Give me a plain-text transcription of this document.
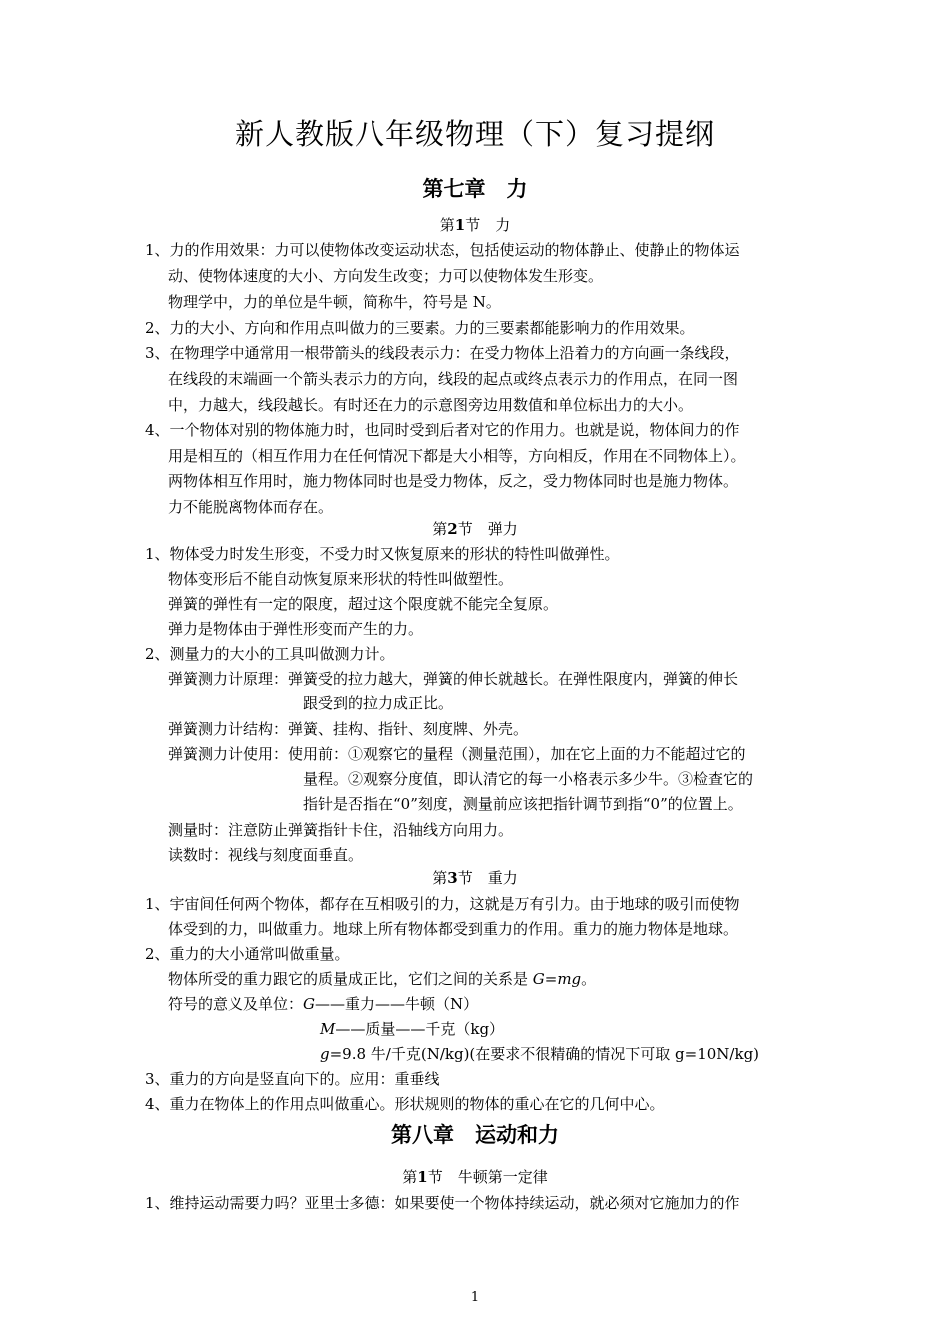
新人教版八年级物理（下）复习提纲
第七章　力
第1节　力
1、力的作用效果：力可以使物体改变运动状态，包括使运动的物体静止、使静止的物体运
动、使物体速度的大小、方向发生改变；力可以使物体发生形变。
物理学中，力的单位是牛顿，简称牛，符号是 N。
2、力的大小、方向和作用点叫做力的三要素。力的三要素都能影响力的作用效果。
3、在物理学中通常用一根带箭头的线段表示力：在受力物体上沿着力的方向画一条线段，
在线段的末端画一个箭头表示力的方向，线段的起点或终点表示力的作用点，在同一图
中，力越大，线段越长。有时还在力的示意图旁边用数值和单位标出力的大小。
4、一个物体对别的物体施力时，也同时受到后者对它的作用力。也就是说，物体间力的作
用是相互的（相互作用力在任何情况下都是大小相等，方向相反，作用在不同物体上）。
两物体相互作用时，施力物体同时也是受力物体，反之，受力物体同时也是施力物体。
力不能脱离物体而存在。
第2节　弹力
1、物体受力时发生形变，不受力时又恢复原来的形状的特性叫做弹性。
物体变形后不能自动恢复原来形状的特性叫做塑性。
弹簧的弹性有一定的限度，超过这个限度就不能完全复原。
弹力是物体由于弹性形变而产生的力。
2、测量力的大小的工具叫做测力计。
弹簧测力计原理：弹簧受的拉力越大，弹簧的伸长就越长。在弹性限度内，弹簧的伸长
跟受到的拉力成正比。
弹簧测力计结构：弹簧、挂构、指针、刻度牌、外壳。
弹簧测力计使用：使用前：①观察它的量程（测量范围），加在它上面的力不能超过它的
量程。②观察分度值，即认清它的每一小格表示多少牛。③检查它的
指针是否指在“0”刻度，测量前应该把指针调节到指“0”的位置上。
测量时：注意防止弹簧指针卡住，沿轴线方向用力。
读数时：视线与刻度面垂直。
第3节　重力
1、宇宙间任何两个物体，都存在互相吸引的力，这就是万有引力。由于地球的吸引而使物
体受到的力，叫做重力。地球上所有物体都受到重力的作用。重力的施力物体是地球。
2、重力的大小通常叫做重量。
物体所受的重力跟它的质量成正比，它们之间的关系是 G=mg。
符号的意义及单位：G——重力——牛顿（N）
M——质量——千克（kg）
g=9.8 牛/千克(N/kg)(在要求不很精确的情况下可取 g=10N/kg)
3、重力的方向是竖直向下的。应用：重垂线
4、重力在物体上的作用点叫做重心。形状规则的物体的重心在它的几何中心。
第1节　牛顿第一定律
1、维持运动需要力吗？亚里士多德：如果要使一个物体持续运动，就必须对它施加力的作
第八章　运动和力
1
